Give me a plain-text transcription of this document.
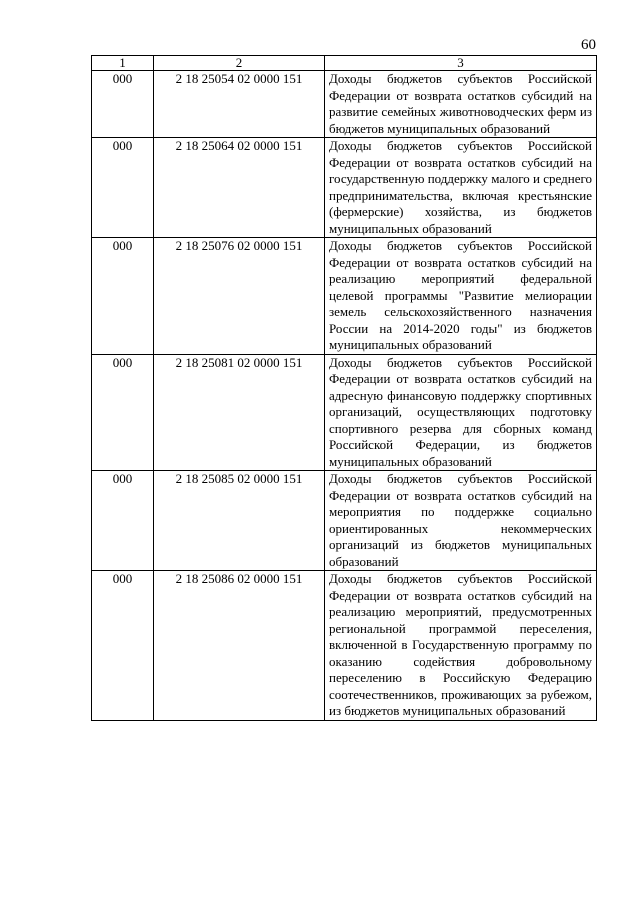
60
1	2	3
000	2 18 25054 02 0000 151	Доходы бюджетов субъектов Российской Федерации от возврата остатков субсидий на развитие семейных животноводческих ферм из бюджетов муниципальных образований
000	2 18 25064 02 0000 151	Доходы бюджетов субъектов Российской Федерации от возврата остатков субсидий на государственную поддержку малого и среднего предпринимательства, включая крестьянские (фермерские) хозяйства, из бюджетов муниципальных образований
000	2 18 25076 02 0000 151	Доходы бюджетов субъектов Российской Федерации от возврата остатков субсидий на реализацию мероприятий федеральной целевой программы "Развитие мелиорации земель сельскохозяйственного назначения России на 2014-2020 годы" из бюджетов муниципальных образований
000	2 18 25081 02 0000 151	Доходы бюджетов субъектов Российской Федерации от возврата остатков субсидий на адресную финансовую поддержку спортивных организаций, осуществляющих подготовку спортивного резерва для сборных команд Российской Федерации, из бюджетов муниципальных образований
000	2 18 25085 02 0000 151	Доходы бюджетов субъектов Российской Федерации от возврата остатков субсидий на мероприятия по поддержке социально ориентированных некоммерческих организаций из бюджетов муниципальных образований
000	2 18 25086 02 0000 151	Доходы бюджетов субъектов Российской Федерации от возврата остатков субсидий на реализацию мероприятий, предусмотренных региональной программой переселения, включенной в Государственную программу по оказанию содействия добровольному переселению в Российскую Федерацию соотечественников, проживающих за рубежом, из бюджетов муниципальных образований
